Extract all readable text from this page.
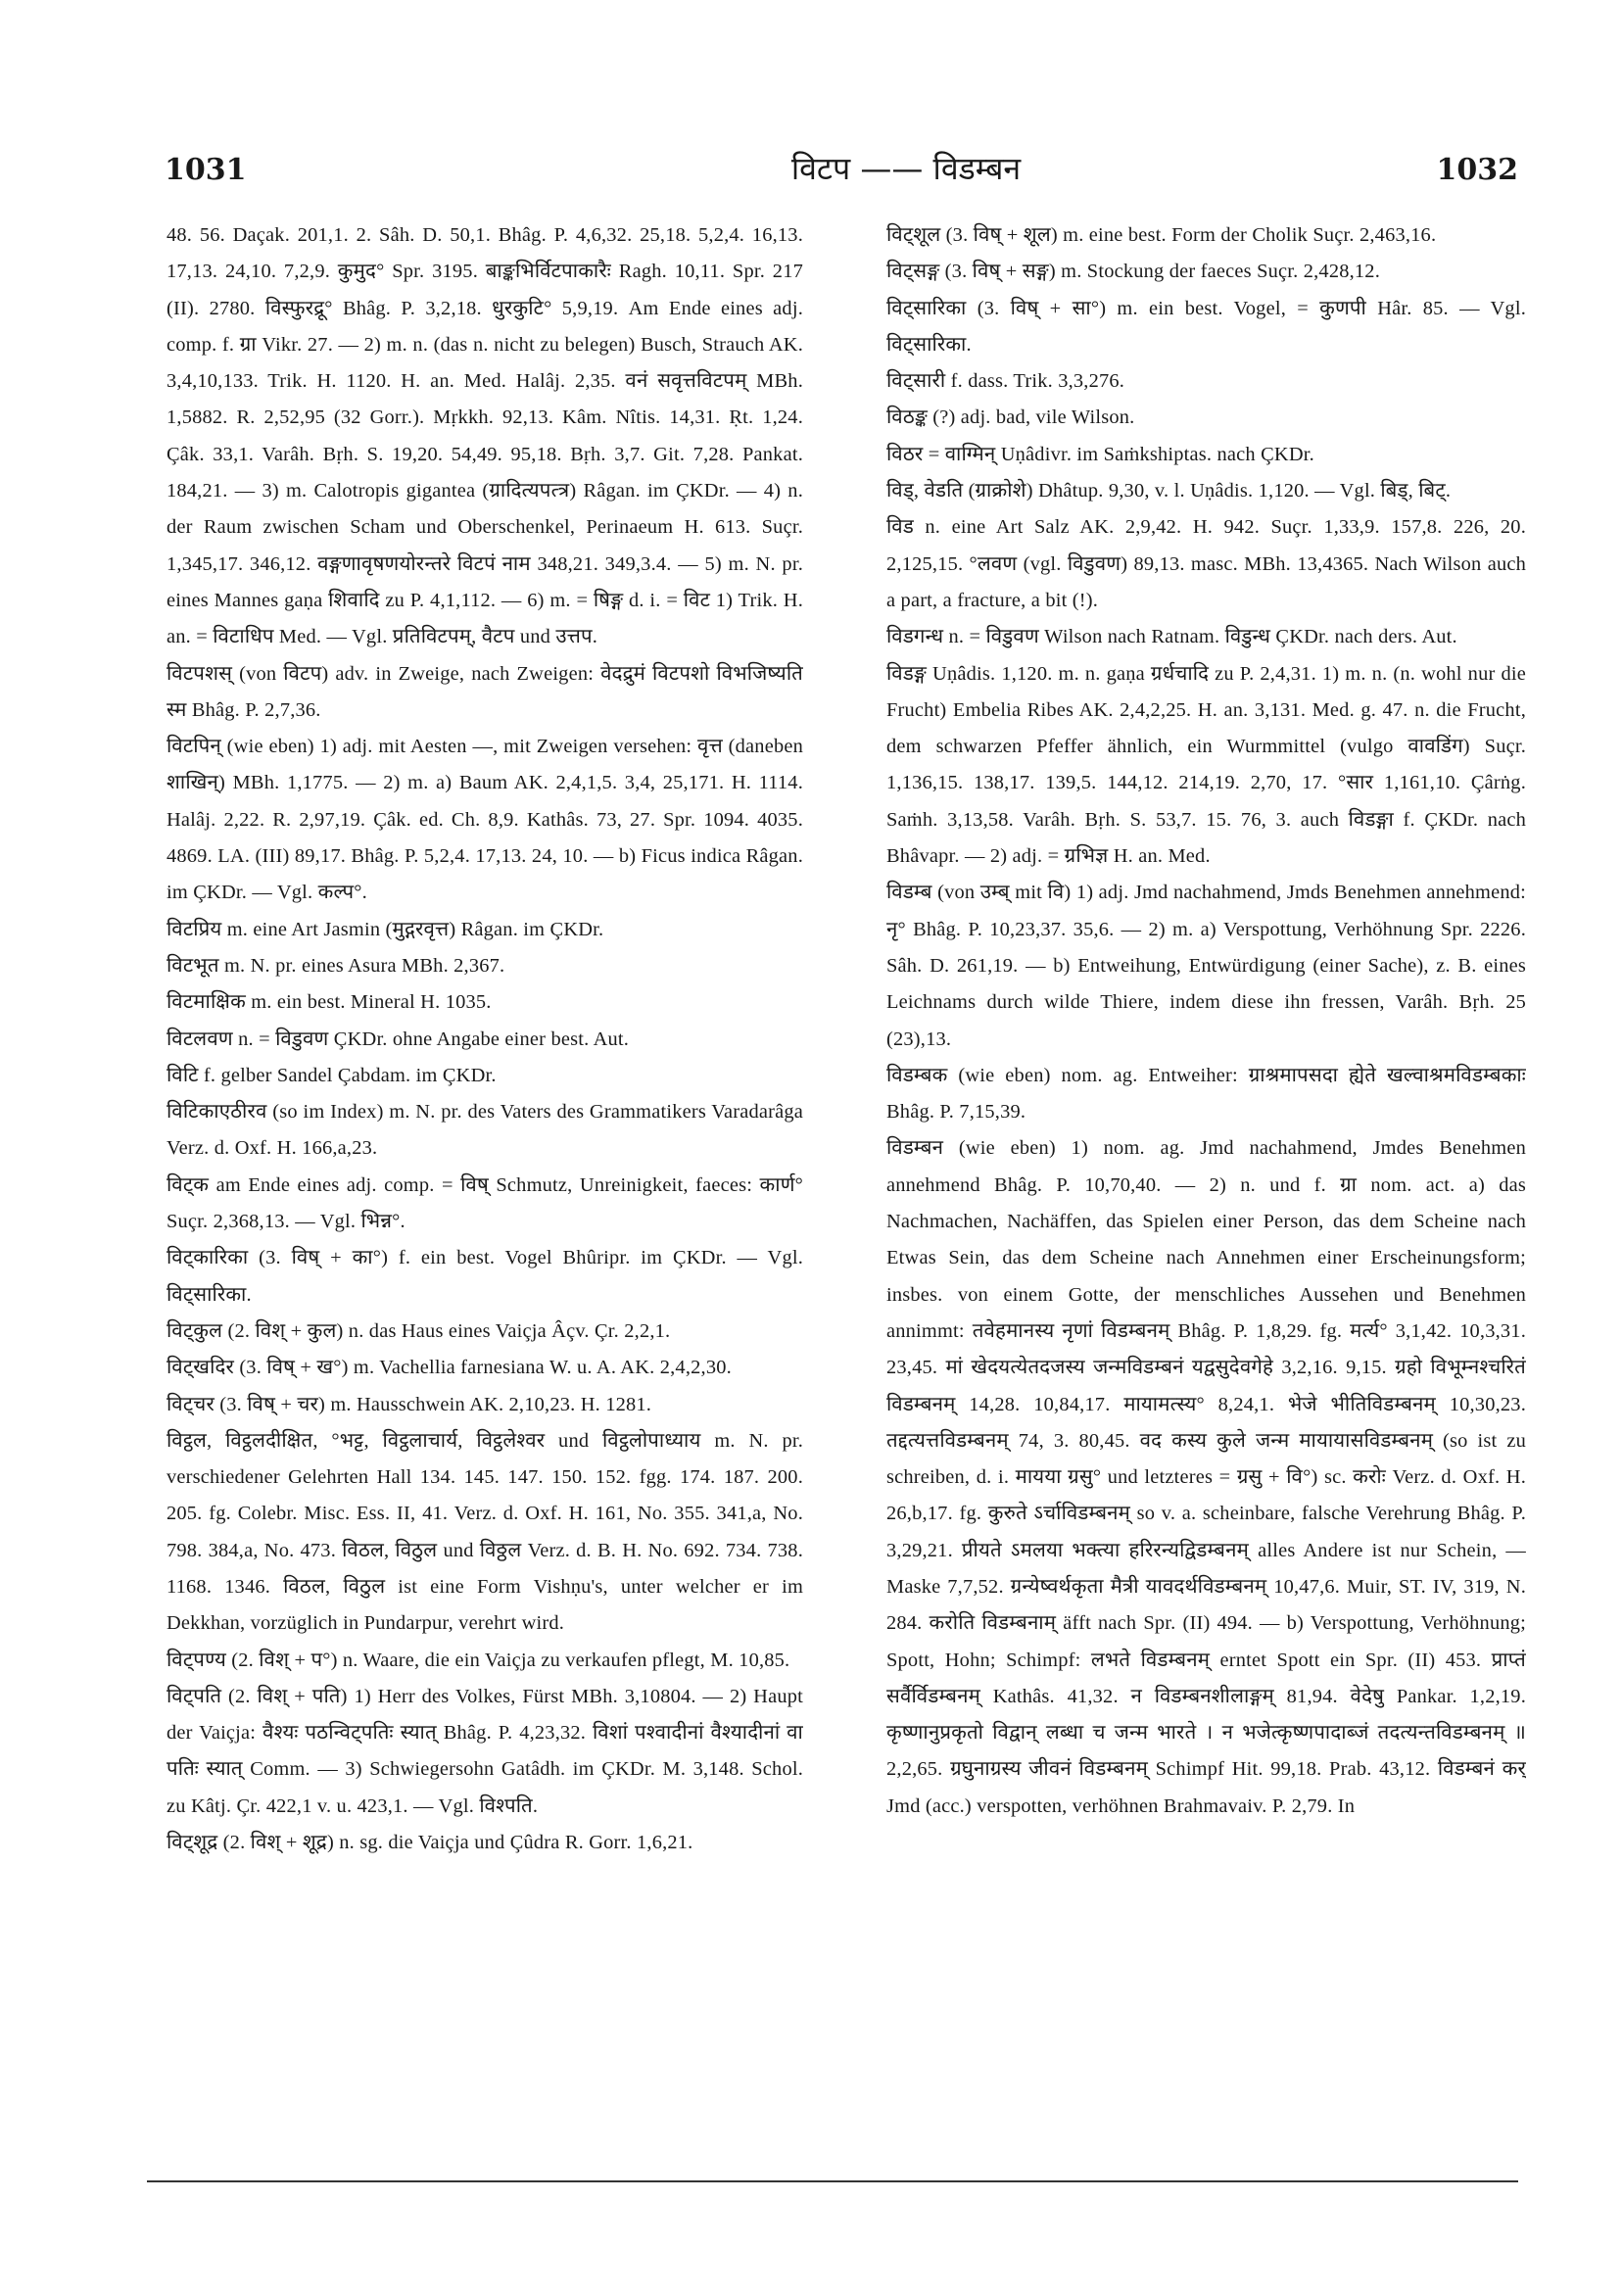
1031	विटप —— विडम्बन	1032

48. 56. Daçak. 201,1. 2. Sâh. D. 50,1. Bhâg. P. 4,6,32. 25,18. 5,2,4. 16,13. 17,13. 24,10. 7,2,9. कुमुद° Spr. 3195. बाङ्कभिर्विटपाकारैः Ragh. 10,11. Spr. 217 (II). 2780. विस्फुरद्रू° Bhâg. P. 3,2,18. धुरकुटि° 5,9,19. Am Ende eines adj. comp. f. ग्रा Vikr. 27. — 2) m. n. (das n. nicht zu belegen) Busch, Strauch AK. 3,4,10,133. Trik. H. 1120. H. an. Med. Halâj. 2,35. वनं सवृत्तविटपम् MBh. 1,5882. R. 2,52,95 (32 Gorr.). Mṛkkh. 92,13. Kâm. Nîtis. 14,31. Ṛt. 1,24. Çâk. 33,1. Varâh. Bṛh. S. 19,20. 54,49. 95,18. Bṛh. 3,7. Git. 7,28. Pankat. 184,21. — 3) m. Calotropis gigantea (ग्रादित्यपत्त्र) Râgan. im ÇKDr. — 4) n. der Raum zwischen Scham und Oberschenkel, Perinaeum H. 613. Suçr. 1,345,17. 346,12. वङ्गणावृषणयोरन्तरे विटपं नाम 348,21. 349,3.4. — 5) m. N. pr. eines Mannes gaṇa शिवादि zu P. 4,1,112. — 6) m. = षिङ्ग d. i. = विट 1) Trik. H. an. = विटाधिप Med. — Vgl. प्रतिविटपम्, वैटप und उत्तप.

विटपशस् (von विटप) adv. in Zweige, nach Zweigen: वेदद्रुमं विटपशो विभजिष्यति स्म Bhâg. P. 2,7,36.

विटपिन् (wie eben) 1) adj. mit Aesten —, mit Zweigen versehen: वृत्त (daneben शाखिन्) MBh. 1,1775. — 2) m. a) Baum AK. 2,4,1,5. 3,4, 25,171. H. 1114. Halâj. 2,22. R. 2,97,19. Çâk. ed. Ch. 8,9. Kathâs. 73, 27. Spr. 1094. 4035. 4869. LA. (III) 89,17. Bhâg. P. 5,2,4. 17,13. 24, 10. — b) Ficus indica Râgan. im ÇKDr. — Vgl. कल्प°.

विटप्रिय m. eine Art Jasmin (मुद्गरवृत्त) Râgan. im ÇKDr.

विटभूत m. N. pr. eines Asura MBh. 2,367.

विटमाक्षिक m. ein best. Mineral H. 1035.

विटलवण n. = विडुवण ÇKDr. ohne Angabe einer best. Aut.

विटि f. gelber Sandel Çabdam. im ÇKDr.

विटिकाएठीरव (so im Index) m. N. pr. des Vaters des Grammatikers Varadarâga Verz. d. Oxf. H. 166,a,23.

विट्क am Ende eines adj. comp. = विष् Schmutz, Unreinigkeit, faeces: कार्ण° Suçr. 2,368,13. — Vgl. भिन्न°.

विट्कारिका (3. विष् + का°) f. ein best. Vogel Bhûripr. im ÇKDr. — Vgl. विट्सारिका.

विट्कुल (2. विश् + कुल) n. das Haus eines Vaiçja Âçv. Çr. 2,2,1.

विट्खदिर (3. विष् + ख°) m. Vachellia farnesiana W. u. A. AK. 2,4,2,30.

विट्चर (3. विष् + चर) m. Hausschwein AK. 2,10,23. H. 1281.

विट्ठल, विट्ठलदीक्षित, °भट्ट, विट्ठलाचार्य, विट्ठलेश्वर und विट्ठलोपाध्याय m. N. pr. verschiedener Gelehrten Hall 134. 145. 147. 150. 152. fgg. 174. 187. 200. 205. fg. Colebr. Misc. Ess. II, 41. Verz. d. Oxf. H. 161, No. 355. 341,a, No. 798. 384,a, No. 473. विठल, विठुल und विठ्ठल Verz. d. B. H. No. 692. 734. 738. 1168. 1346. विठल, विठुल ist eine Form Vishṇu's, unter welcher er im Dekkhan, vorzüglich in Pundarpur, verehrt wird.

विट्पण्य (2. विश् + प°) n. Waare, die ein Vaiçja zu verkaufen pflegt, M. 10,85.

विट्पति (2. विश् + पति) 1) Herr des Volkes, Fürst MBh. 3,10804. — 2) Haupt der Vaiçja: वैश्यः पठन्विट्पतिः स्यात् Bhâg. P. 4,23,32. विशां पश्वादीनां वैश्यादीनां वा पतिः स्यात् Comm. — 3) Schwiegersohn Gatâdh. im ÇKDr. M. 3,148. Schol. zu Kâtj. Çr. 422,1 v. u. 423,1. — Vgl. विश्पति.

विट्शूद्र (2. विश् + शूद्र) n. sg. die Vaiçja und Çûdra R. Gorr. 1,6,21.

विट्शूल (3. विष् + शूल) m. eine best. Form der Cholik Suçr. 2,463,16.

विट्सङ्ग (3. विष् + सङ्ग) m. Stockung der faeces Suçr. 2,428,12.

विट्सारिका (3. विष् + सा°) m. ein best. Vogel, = कुणपी Hâr. 85. — Vgl. विट्सारिका.

विट्सारी f. dass. Trik. 3,3,276.

विठङ्क (?) adj. bad, vile Wilson.

विठर = वाग्मिन् Uṇâdivr. im Saṁkshiptas. nach ÇKDr.

विड्, वेडति (ग्राक्रोशे) Dhâtup. 9,30, v. l. Uṇâdis. 1,120. — Vgl. बिड्, बिट्.

विड n. eine Art Salz AK. 2,9,42. H. 942. Suçr. 1,33,9. 157,8. 226, 20. 2,125,15. °लवण (vgl. विडुवण) 89,13. masc. MBh. 13,4365. Nach Wilson auch a part, a fracture, a bit (!).

विडगन्ध n. = विडुवण Wilson nach Ratnam. विडुन्ध ÇKDr. nach ders. Aut.

विडङ्ग Uṇâdis. 1,120. m. n. gaṇa ग्रर्धचादि zu P. 2,4,31. 1) m. n. (n. wohl nur die Frucht) Embelia Ribes AK. 2,4,2,25. H. an. 3,131. Med. g. 47. n. die Frucht, dem schwarzen Pfeffer ähnlich, ein Wurmmittel (vulgo वावडिंग) Suçr. 1,136,15. 138,17. 139,5. 144,12. 214,19. 2,70, 17. °सार 1,161,10. Çârṅg. Saṁh. 3,13,58. Varâh. Bṛh. S. 53,7. 15. 76, 3. auch विडङ्गा f. ÇKDr. nach Bhâvapr. — 2) adj. = ग्रभिज्ञ H. an. Med.

विडम्ब (von उम्ब् mit वि) 1) adj. Jmd nachahmend, Jmds Benehmen annehmend: नृ° Bhâg. P. 10,23,37. 35,6. — 2) m. a) Verspottung, Verhöhnung Spr. 2226. Sâh. D. 261,19. — b) Entweihung, Entwürdigung (einer Sache), z. B. eines Leichnams durch wilde Thiere, indem diese ihn fressen, Varâh. Bṛh. 25 (23),13.

विडम्बक (wie eben) nom. ag. Entweiher: ग्राश्रमापसदा ह्येते खल्वाश्रमविडम्बकाः Bhâg. P. 7,15,39.

विडम्बन (wie eben) 1) nom. ag. Jmd nachahmend, Jmdes Benehmen annehmend Bhâg. P. 10,70,40. — 2) n. und f. ग्रा nom. act. a) das Nachmachen, Nachäffen, das Spielen einer Person, das dem Scheine nach Etwas Sein, das dem Scheine nach Annehmen einer Erscheinungsform; insbes. von einem Gotte, der menschliches Aussehen und Benehmen annimmt: तवेहमानस्य नृणां विडम्बनम् Bhâg. P. 1,8,29. fg. मर्त्य° 3,1,42. 10,3,31. 23,45. मां खेदयत्येतदजस्य जन्मविडम्बनं यद्वसुदेवगेहे 3,2,16. 9,15. ग्रहो विभूम्नश्चरितं विडम्बनम् 14,28. 10,84,17. मायामत्स्य° 8,24,1. भेजे भीतिविडम्बनम् 10,30,23. तद्दत्यत्तविडम्बनम् 74, 3. 80,45. वद कस्य कुले जन्म मायायासविडम्बनम् (so ist zu schreiben, d. i. मायया ग्रसु° und letzteres = ग्रसु + वि°) sc. करोः Verz. d. Oxf. H. 26,b,17. fg. कुरुते ऽर्चाविडम्बनम् so v. a. scheinbare, falsche Verehrung Bhâg. P. 3,29,21. प्रीयते ऽमलया भक्त्या हरिरन्यद्विडम्बनम् alles Andere ist nur Schein, — Maske 7,7,52. ग्रन्येष्वर्थकृता मैत्री यावदर्थविडम्बनम् 10,47,6. Muir, ST. IV, 319, N. 284. करोति विडम्बनाम् äfft nach Spr. (II) 494. — b) Verspottung, Verhöhnung; Spott, Hohn; Schimpf: लभते विडम्बनम् erntet Spott ein Spr. (II) 453. प्राप्तं सर्वैर्विडम्बनम् Kathâs. 41,32. न विडम्बनशीलाङ्गम् 81,94. वेदेषु Pankar. 1,2,19. कृष्णानुप्रकृतो विद्वान् लब्धा च जन्म भारते । न भजेत्कृष्णपादाब्जं तदत्यन्तविडम्बनम् ॥ 2,2,65. ग्रघुनाग्रस्य जीवनं विडम्बनम् Schimpf Hit. 99,18. Prab. 43,12. विडम्बनं कर् Jmd (acc.) verspotten, verhöhnen Brahmavaiv. P. 2,79. In
